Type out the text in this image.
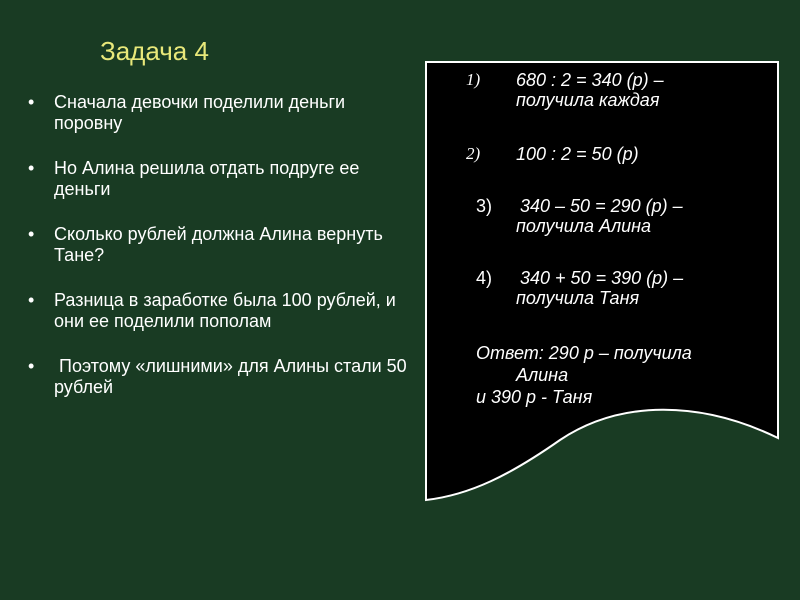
Задача 4
• Сначала девочки поделили деньги поровну
• Но Алина решила отдать подруге ее деньги
• Сколько рублей должна Алина вернуть Тане?
• Разница в заработке была 100 рублей, и они ее поделили пополам
• Поэтому «лишними» для Алины стали 50 рублей
1) 680 : 2 = 340 (р) –
получила каждая
2) 100 : 2 = 50 (р)
3) 340 – 50 = 290 (р) –
получила Алина
4) 340 + 50 = 390 (р) –
получила Таня
Ответ: 290 р – получила
Алина
и 390 р - Таня
